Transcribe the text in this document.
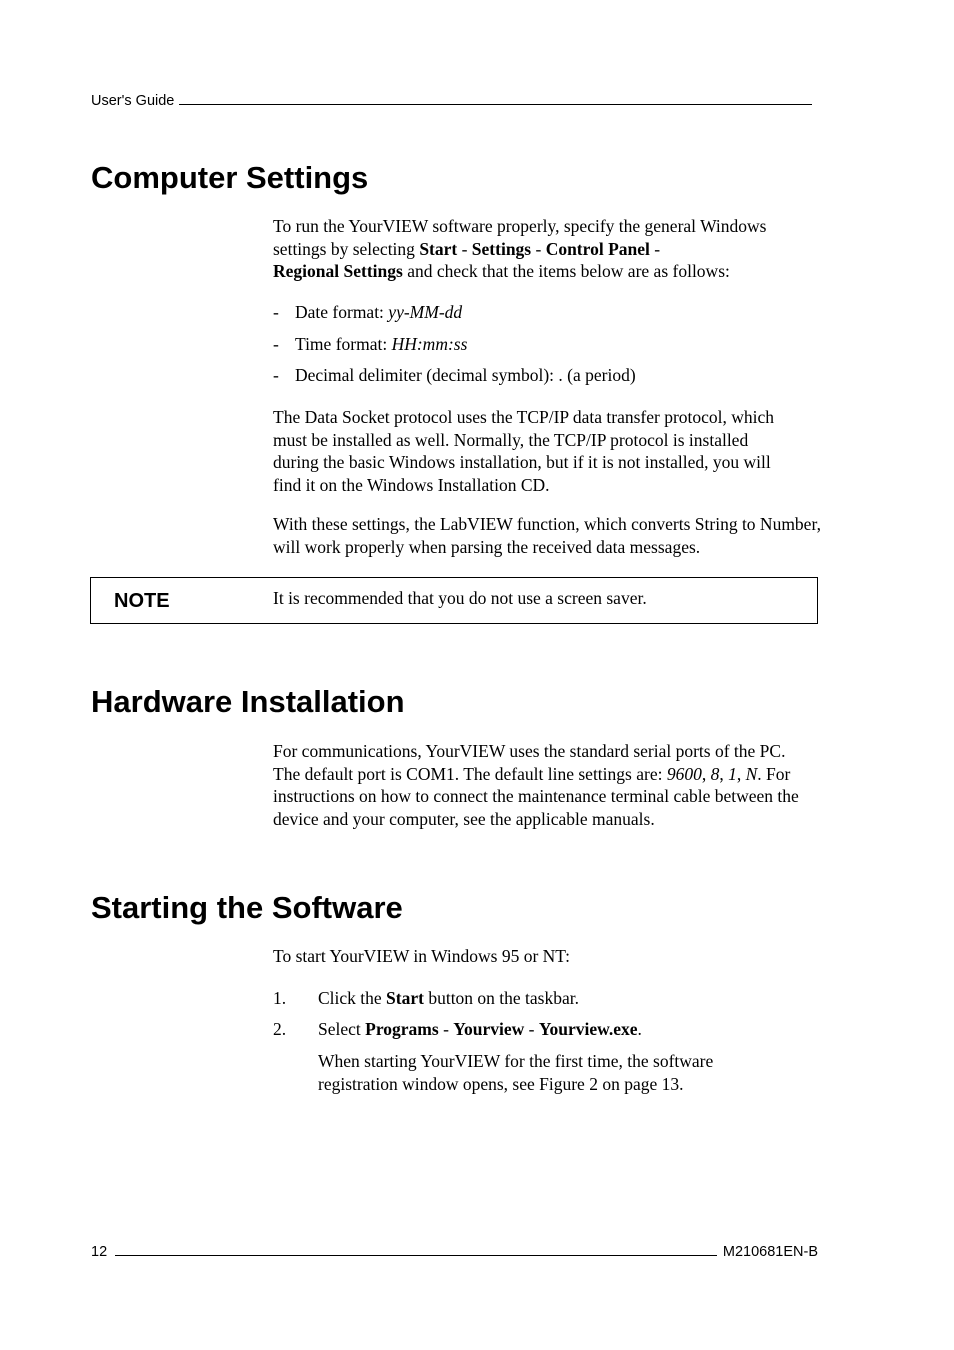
User's Guide
Computer Settings

To run the YourVIEW software properly, specify the general Windows settings by selecting Start - Settings - Control Panel -
Regional Settings and check that the items below are as follows:

- Date format: yy-MM-dd
- Time format: HH:mm:ss
- Decimal delimiter (decimal symbol): . (a period)

The Data Socket protocol uses the TCP/IP data transfer protocol, which must be installed as well. Normally, the TCP/IP protocol is installed during the basic Windows installation, but if it is not installed, you will find it on the Windows Installation CD.

With these settings, the LabVIEW function, which converts String to Number, will work properly when parsing the received data messages.

NOTE	It is recommended that you do not use a screen saver.
Hardware Installation

For communications, YourVIEW uses the standard serial ports of the PC. The default port is COM1. The default line settings are: 9600, 8, 1, N. For instructions on how to connect the maintenance terminal cable between the device and your computer, see the applicable manuals.

Starting the Software

To start YourVIEW in Windows 95 or NT:

1. Click the Start button on the taskbar.
2. Select Programs - Yourview - Yourview.exe.

When starting YourVIEW for the first time, the software registration window opens, see Figure 2 on page 13.

12	M210681EN-B
